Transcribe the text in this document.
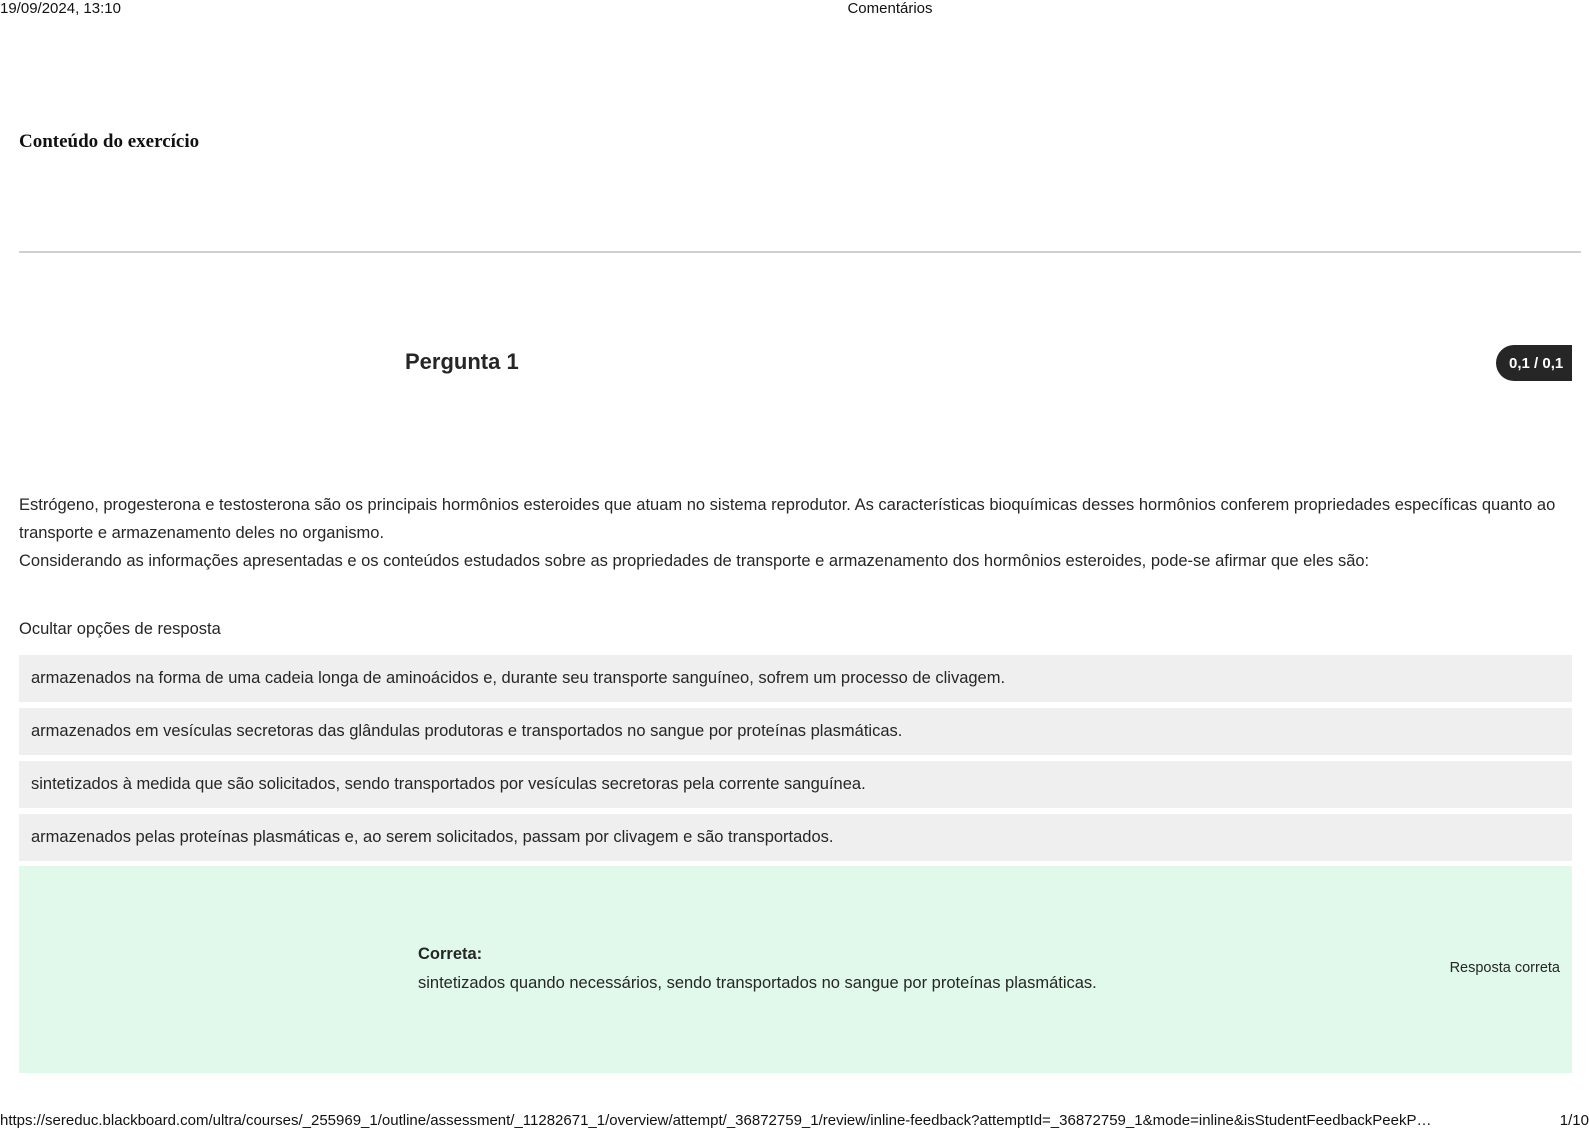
19/09/2024, 13:10	Comentários
Conteúdo do exercício
Pergunta 1	0,1 / 0,1

Estrógeno, progesterona e testosterona são os principais hormônios esteroides que atuam no sistema reprodutor. As características bioquímicas desses hormônios conferem propriedades específicas quanto ao transporte e armazenamento deles no organismo.

Considerando as informações apresentadas e os conteúdos estudados sobre as propriedades de transporte e armazenamento dos hormônios esteroides, pode-se afirmar que eles são:

Ocultar opções de resposta
armazenados na forma de uma cadeia longa de aminoácidos e, durante seu transporte sanguíneo, sofrem um processo de clivagem.
armazenados em vesículas secretoras das glândulas produtoras e transportados no sangue por proteínas plasmáticas.
sintetizados à medida que são solicitados, sendo transportados por vesículas secretoras pela corrente sanguínea.
armazenados pelas proteínas plasmáticas e, ao serem solicitados, passam por clivagem e são transportados.
Correta:
sintetizados quando necessários, sendo transportados no sangue por proteínas plasmáticas.
Resposta correta
https://sereduc.blackboard.com/ultra/courses/_255969_1/outline/assessment/_11282671_1/overview/attempt/_36872759_1/review/inline-feedback?attemptId=_36872759_1&mode=inline&isStudentFeedbackPeekP…	1/10
